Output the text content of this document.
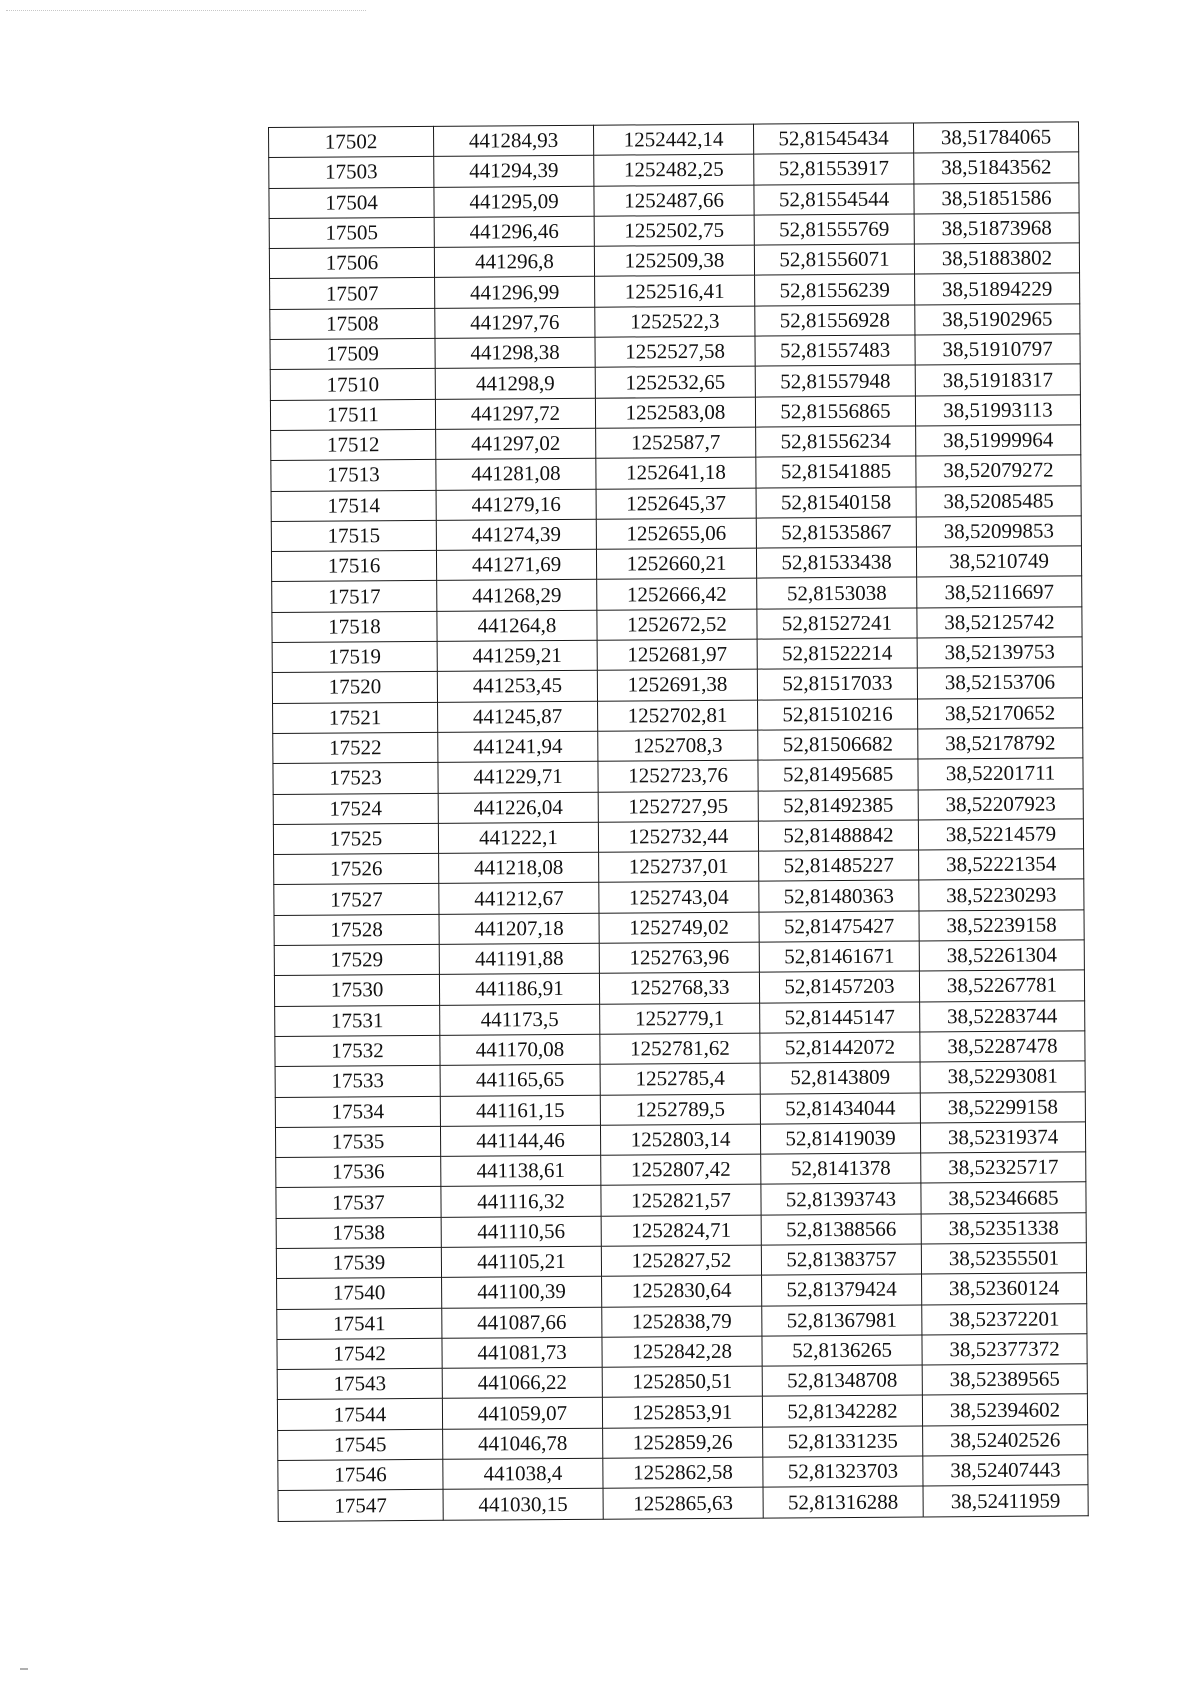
17502	441284,93	1252442,14	52,81545434	38,51784065
17503	441294,39	1252482,25	52,81553917	38,51843562
17504	441295,09	1252487,66	52,81554544	38,51851586
17505	441296,46	1252502,75	52,81555769	38,51873968
17506	441296,8	1252509,38	52,81556071	38,51883802
17507	441296,99	1252516,41	52,81556239	38,51894229
17508	441297,76	1252522,3	52,81556928	38,51902965
17509	441298,38	1252527,58	52,81557483	38,51910797
17510	441298,9	1252532,65	52,81557948	38,51918317
17511	441297,72	1252583,08	52,81556865	38,51993113
17512	441297,02	1252587,7	52,81556234	38,51999964
17513	441281,08	1252641,18	52,81541885	38,52079272
17514	441279,16	1252645,37	52,81540158	38,52085485
17515	441274,39	1252655,06	52,81535867	38,52099853
17516	441271,69	1252660,21	52,81533438	38,5210749
17517	441268,29	1252666,42	52,8153038	38,52116697
17518	441264,8	1252672,52	52,81527241	38,52125742
17519	441259,21	1252681,97	52,81522214	38,52139753
17520	441253,45	1252691,38	52,81517033	38,52153706
17521	441245,87	1252702,81	52,81510216	38,52170652
17522	441241,94	1252708,3	52,81506682	38,52178792
17523	441229,71	1252723,76	52,81495685	38,52201711
17524	441226,04	1252727,95	52,81492385	38,52207923
17525	441222,1	1252732,44	52,81488842	38,52214579
17526	441218,08	1252737,01	52,81485227	38,52221354
17527	441212,67	1252743,04	52,81480363	38,52230293
17528	441207,18	1252749,02	52,81475427	38,52239158
17529	441191,88	1252763,96	52,81461671	38,52261304
17530	441186,91	1252768,33	52,81457203	38,52267781
17531	441173,5	1252779,1	52,81445147	38,52283744
17532	441170,08	1252781,62	52,81442072	38,52287478
17533	441165,65	1252785,4	52,8143809	38,52293081
17534	441161,15	1252789,5	52,81434044	38,52299158
17535	441144,46	1252803,14	52,81419039	38,52319374
17536	441138,61	1252807,42	52,8141378	38,52325717
17537	441116,32	1252821,57	52,81393743	38,52346685
17538	441110,56	1252824,71	52,81388566	38,52351338
17539	441105,21	1252827,52	52,81383757	38,52355501
17540	441100,39	1252830,64	52,81379424	38,52360124
17541	441087,66	1252838,79	52,81367981	38,52372201
17542	441081,73	1252842,28	52,8136265	38,52377372
17543	441066,22	1252850,51	52,81348708	38,52389565
17544	441059,07	1252853,91	52,81342282	38,52394602
17545	441046,78	1252859,26	52,81331235	38,52402526
17546	441038,4	1252862,58	52,81323703	38,52407443
17547	441030,15	1252865,63	52,81316288	38,52411959
